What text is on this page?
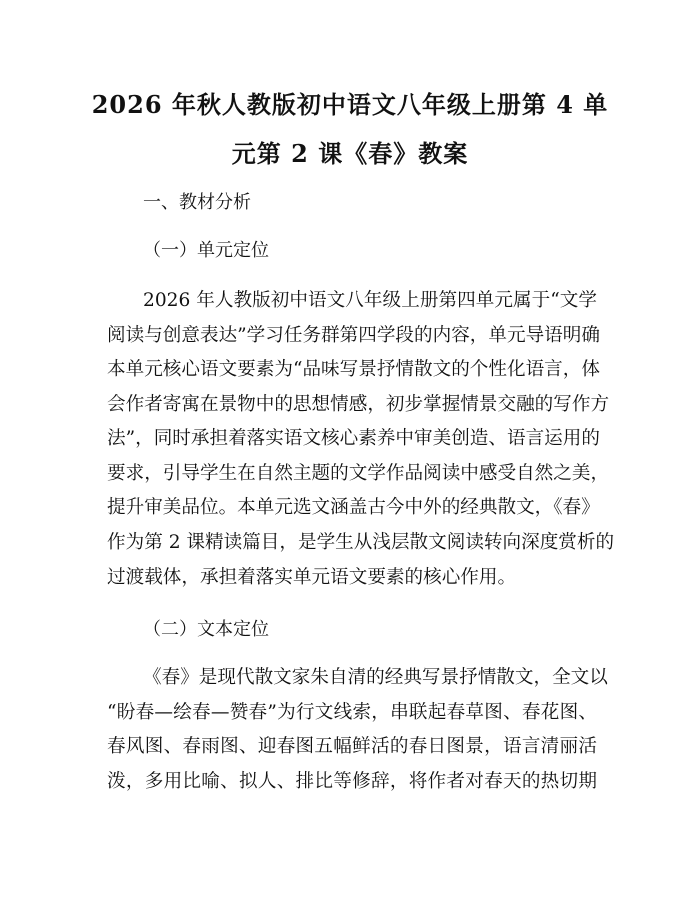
2026 年秋人教版初中语文八年级上册第 4 单
元第 2 课《春》教案

一、教材分析

（一）单元定位

2026 年人教版初中语文八年级上册第四单元属于“文学

阅读与创意表达”学习任务群第四学段的内容，单元导语明确

本单元核心语文要素为“品味写景抒情散文的个性化语言，体

会作者寄寓在景物中的思想情感，初步掌握情景交融的写作方

法”，同时承担着落实语文核心素养中审美创造、语言运用的

要求，引导学生在自然主题的文学作品阅读中感受自然之美，

提升审美品位。本单元选文涵盖古今中外的经典散文，《春》

作为第 2 课精读篇目，是学生从浅层散文阅读转向深度赏析的

过渡载体，承担着落实单元语文要素的核心作用。

（二）文本定位

《春》是现代散文家朱自清的经典写景抒情散文，全文以

“盼春—绘春—赞春”为行文线索，串联起春草图、春花图、

春风图、春雨图、迎春图五幅鲜活的春日图景，语言清丽活

泼，多用比喻、拟人、排比等修辞，将作者对春天的热切期
